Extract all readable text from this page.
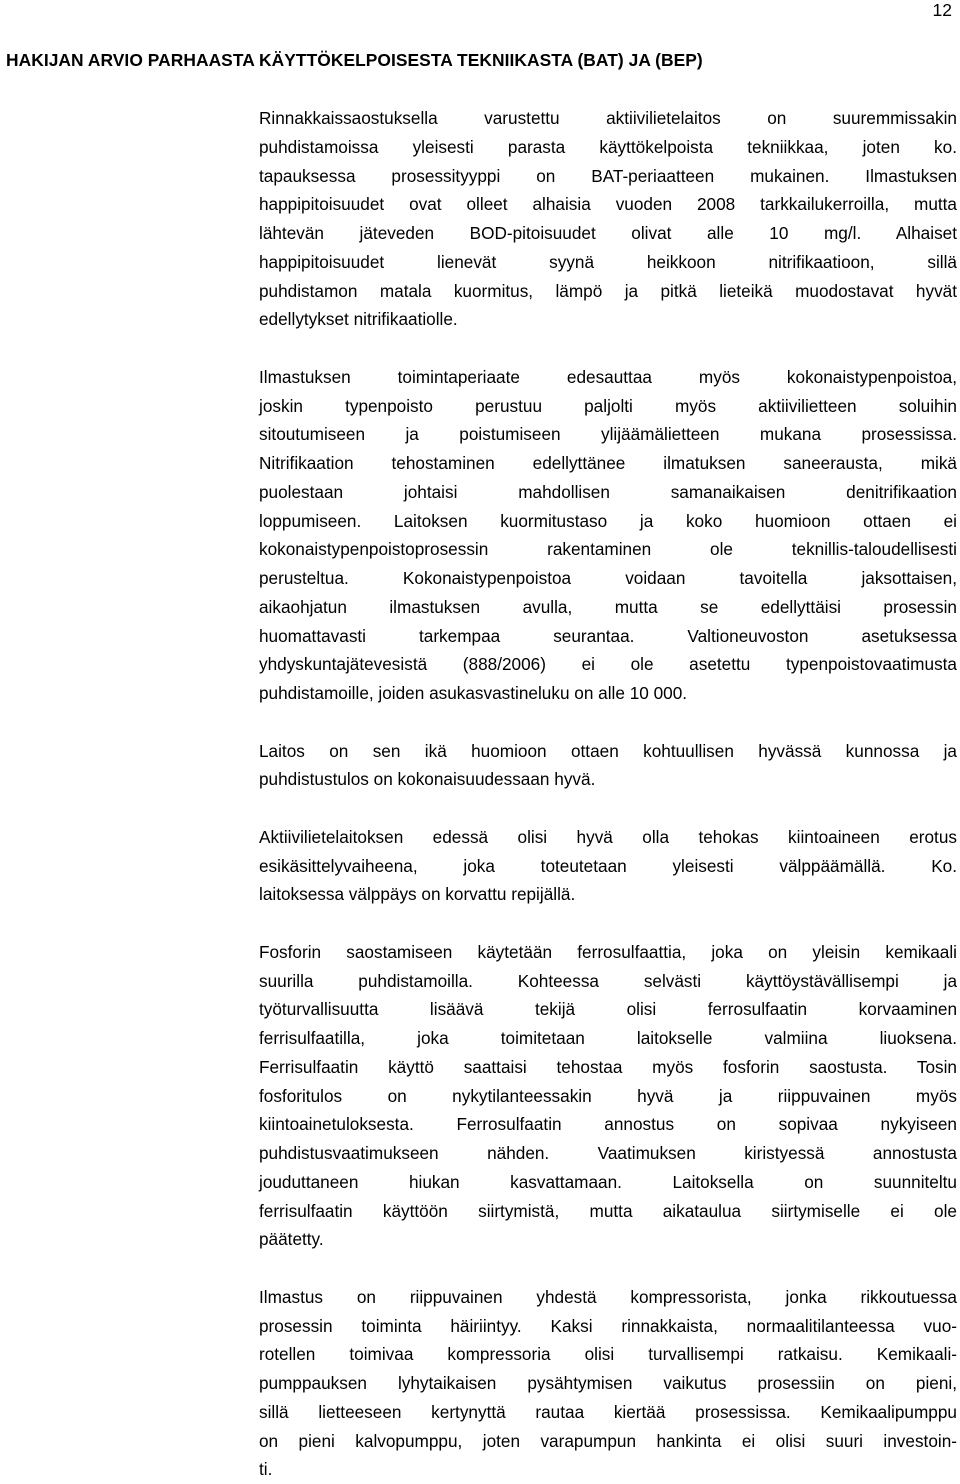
12
HAKIJAN ARVIO PARHAASTA KÄYTTÖKELPOISESTA TEKNIIKASTA (BAT) JA (BEP)
Rinnakkaissaostuksella varustettu aktiivilietelaitos on suuremmissakin
puhdistamoissa yleisesti parasta käyttökelpoista tekniikkaa, joten ko.
tapauksessa prosessityyppi on BAT-periaatteen mukainen. Ilmastuksen
happipitoisuudet ovat olleet alhaisia vuoden 2008 tarkkailukerroilla, mutta
lähtevän jäteveden BOD-pitoisuudet olivat alle 10 mg/l. Alhaiset
happipitoisuudet lienevät syynä heikkoon nitrifikaatioon, sillä
puhdistamon matala kuormitus, lämpö ja pitkä lieteikä muodostavat hyvät
edellytykset nitrifikaatiolle.
Ilmastuksen toimintaperiaate edesauttaa myös kokonaistypenpoistoa,
joskin typenpoisto perustuu paljolti myös aktiivilietteen soluihin
sitoutumiseen ja poistumiseen ylijäämälietteen mukana prosessissa.
Nitrifikaation tehostaminen edellyttänee ilmatuksen saneerausta, mikä
puolestaan johtaisi mahdollisen samanaikaisen denitrifikaation
loppumiseen. Laitoksen kuormitustaso ja koko huomioon ottaen ei
kokonaistypenpoistoprosessin rakentaminen ole teknillis-taloudellisesti
perusteltua. Kokonaistypenpoistoa voidaan tavoitella jaksottaisen,
aikaohjatun ilmastuksen avulla, mutta se edellyttäisi prosessin
huomattavasti tarkempaa seurantaa. Valtioneuvoston asetuksessa
yhdyskuntajätevesistä (888/2006) ei ole asetettu typenpoistovaatimusta
puhdistamoille, joiden asukasvastineluku on alle 10 000.
Laitos on sen ikä huomioon ottaen kohtuullisen hyvässä kunnossa ja
puhdistustulos on kokonaisuudessaan hyvä.
Aktiivilietelaitoksen edessä olisi hyvä olla tehokas kiintoaineen erotus
esikäsittelyvaiheena, joka toteutetaan yleisesti välppäämällä. Ko.
laitoksessa välppäys on korvattu repijällä.
Fosforin saostamiseen käytetään ferrosulfaattia, joka on yleisin kemikaali
suurilla puhdistamoilla. Kohteessa selvästi käyttöystävällisempi ja
työturvallisuutta lisäävä tekijä olisi ferrosulfaatin korvaaminen
ferrisulfaatilla, joka toimitetaan laitokselle valmiina liuoksena.
Ferrisulfaatin käyttö saattaisi tehostaa myös fosforin saostusta. Tosin
fosforitulos on nykytilanteessakin hyvä ja riippuvainen myös
kiintoainetuloksesta. Ferrosulfaatin annostus on sopivaa nykyiseen
puhdistusvaatimukseen nähden. Vaatimuksen kiristyessä annostusta
jouduttaneen hiukan kasvattamaan. Laitoksella on suunniteltu
ferrisulfaatin käyttöön siirtymistä, mutta aikataulua siirtymiselle ei ole
päätetty.
Ilmastus on riippuvainen yhdestä kompressorista, jonka rikkoutuessa
prosessin toiminta häiriintyy. Kaksi rinnakkaista, normaalitilanteessa vuo-
rotellen toimivaa kompressoria olisi turvallisempi ratkaisu. Kemikaali-
pumppauksen lyhytaikaisen pysähtymisen vaikutus prosessiin on pieni,
sillä lietteeseen kertynyttä rautaa kiertää prosessissa. Kemikaalipumppu
on pieni kalvopumppu, joten varapumpun hankinta ei olisi suuri investoin-
ti.
